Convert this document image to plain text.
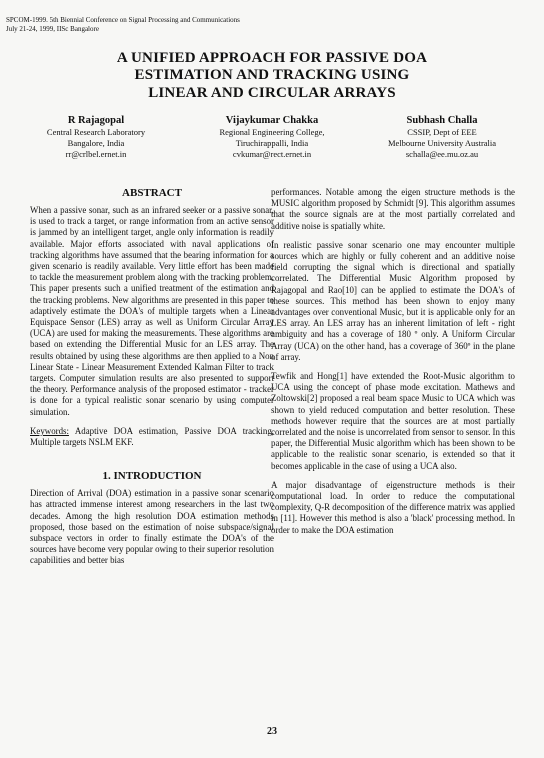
SPCOM-1999. 5th Biennial Conference on Signal Processing and Communications
July 21-24, 1999, IISc Bangalore
A UNIFIED APPROACH FOR PASSIVE DOA
ESTIMATION AND TRACKING USING
LINEAR AND CIRCULAR ARRAYS
R Rajagopal
Central Research Laboratory
Bangalore, India
rr@crlbel.ernet.in
Vijaykumar Chakka
Regional Engineering College,
Tiruchirappalli, India
cvkumar@rect.ernet.in
Subhash Challa
CSSIP, Dept of EEE
Melbourne University Australia
schalla@ee.mu.oz.au
ABSTRACT

When a passive sonar, such as an infrared seeker or a passive sonar, is used to track a target, or range information from an active sensor is jammed by an intelligent target, angle only information is readily available. Major efforts associated with naval applications of tracking algorithms have assumed that the bearing information for a given scenario is readily available. Very little effort has been made to tackle the measurement problem along with the tracking problem. This paper presents such a unified treatment of the estimation and the tracking problems. New algorithms are presented in this paper to adaptively estimate the DOA's of multiple targets when a Linear Equispace Sensor (LES) array as well as Uniform Circular Array (UCA) are used for making the measurements. These algorithms are based on extending the Differential Music for an LES array. The results obtained by using these algorithms are then applied to a Non Linear State - Linear Measurement Extended Kalman Filter to track targets. Computer simulation results are also presented to support the theory. Performance analysis of the proposed estimator - tracker is done for a typical realistic sonar scenario by using computer simulation.

Keywords: Adaptive DOA estimation, Passive DOA tracking, Multiple targets NSLM EKF.

1. INTRODUCTION

Direction of Arrival (DOA) estimation in a passive sonar scenario has attracted immense interest among researchers in the last two decades. Among the high resolution DOA estimation methods proposed, those based on the estimation of noise subspace/signal subspace vectors in order to finally estimate the DOA's of the sources have become very popular owing to their superior resolution capabilities and better bias

performances. Notable among the eigen structure methods is the MUSIC algorithm proposed by Schmidt [9]. This algorithm assumes that the source signals are at the most partially correlated and additive noise is spatially white.

In realistic passive sonar scenario one may encounter multiple sources which are highly or fully coherent and an additive noise field corrupting the signal which is directional and spatially correlated. The Differential Music Algorithm proposed by Rajagopal and Rao[10] can be applied to estimate the DOA's of these sources. This method has been shown to enjoy many advantages over conventional Music, but it is applicable only for an LES array. An LES array has an inherent limitation of left - right ambiguity and has a coverage of 180 º only. A Uniform Circular Array (UCA) on the other hand, has a coverage of 360º in the plane of array.

Tewfik and Hong[1] have extended the Root-Music algorithm to UCA using the concept of phase mode excitation. Mathews and Zoltowski[2] proposed a real beam space Music to UCA which was shown to yield reduced computation and better resolution. These methods however require that the sources are at most partially correlated and the noise is uncorrelated from sensor to sensor. In this paper, the Differential Music algorithm which has been shown to be applicable to the realistic sonar scenario, is extended so that it becomes applicable in the case of using a UCA also.

A major disadvantage of eigenstructure methods is their computational load. In order to reduce the computational complexity, Q-R decomposition of the difference matrix was applied in [11]. However this method is also a 'black' processing method. In order to make the DOA estimation

23
